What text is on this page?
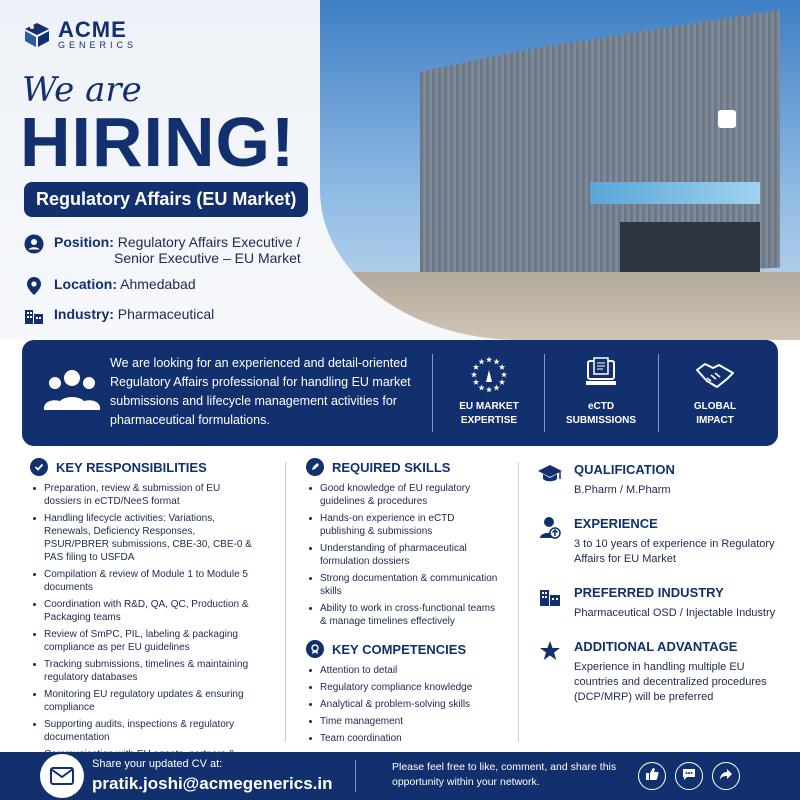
ACME
GENERICS
We are
HIRING!
Regulatory Affairs (EU Market)
Position: Regulatory Affairs Executive /
Senior Executive – EU Market
Location: Ahmedabad
Industry: Pharmaceutical
We are looking for an experienced and detail-oriented Regulatory Affairs professional for handling EU market submissions and lifecycle management activities for pharmaceutical formulations.
★ ★
★
★
★
★
★
★
★
★
★
★
EU MARKET
EXPERTISE
eCTD
SUBMISSIONS
GLOBAL
IMPACT
KEY RESPONSIBILITIES
Preparation, review & submission of EU dossiers in eCTD/NeeS format
Handling lifecycle activities: Variations, Renewals, Deficiency Responses, PSUR/PBRER submissions, CBE-30, CBE-0 & PAS filing to USFDA
Compilation & review of Module 1 to Module 5 documents
Coordination with R&D, QA, QC, Production & Packaging teams
Review of SmPC, PIL, labeling & packaging compliance as per EU guidelines
Tracking submissions, timelines & maintaining regulatory databases
Monitoring EU regulatory updates & ensuring compliance
Supporting audits, inspections & regulatory documentation
REQUIRED SKILLS
Good knowledge of EU regulatory guidelines & procedures
Hands-on experience in eCTD publishing & submissions
Understanding of pharmaceutical formulation dossiers
Strong documentation & communication skills
Ability to work in cross-functional teams & manage timelines effectively
KEY COMPETENCIES
Attention to detail
Regulatory compliance knowledge
Analytical & problem-solving skills
Time management
Team coordination
QUALIFICATION
B.Pharm / M.Pharm
EXPERIENCE
3 to 10 years of experience in Regulatory Affairs for EU Market
PREFERRED INDUSTRY
Pharmaceutical OSD / Injectable Industry
ADDITIONAL ADVANTAGE
Experience in handling multiple EU countries and decentralized procedures (DCP/MRP) will be preferred
Share your updated CV at:
pratik.joshi@acmegenerics.in
Please feel free to like, comment, and share this opportunity within your network.
